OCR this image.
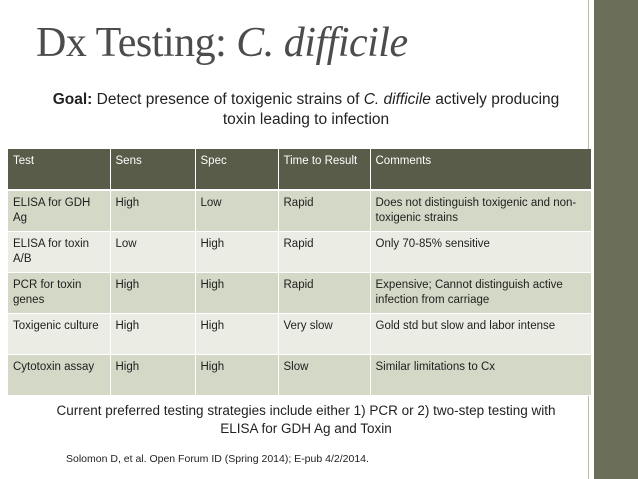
Dx Testing: C. difficile
Goal: Detect presence of toxigenic strains of C. difficile actively producing toxin leading to infection
Test	Sens	Spec	Time to Result	Comments
ELISA for GDH Ag	High	Low	Rapid	Does not distinguish toxigenic and non-toxigenic strains
ELISA for toxin A/B	Low	High	Rapid	Only 70-85% sensitive
PCR for toxin genes	High	High	Rapid	Expensive; Cannot distinguish active infection from carriage
Toxigenic culture	High	High	Very slow	Gold std but slow and labor intense
Cytotoxin assay	High	High	Slow	Similar limitations to Cx
Current preferred testing strategies include either 1) PCR or 2) two-step testing with ELISA for GDH Ag and Toxin
Solomon D, et al. Open Forum ID (Spring 2014); E-pub 4/2/2014.
